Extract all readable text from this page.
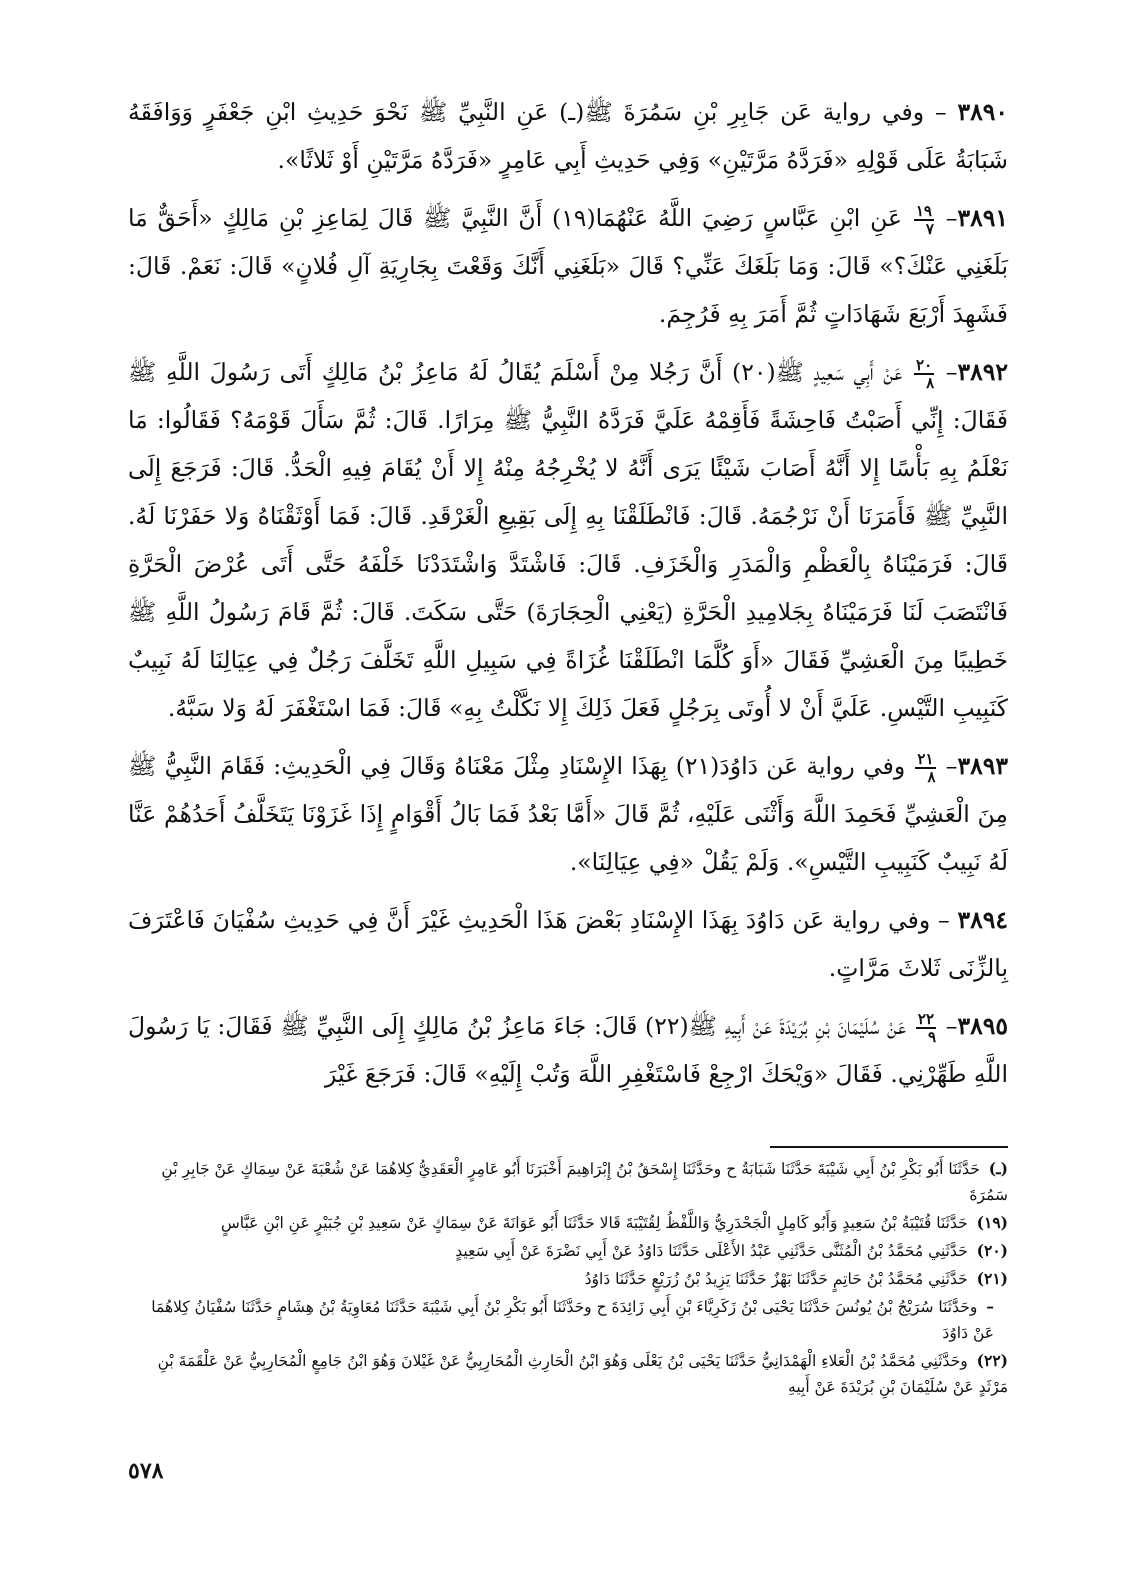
٣٨٩٠ – وفي رواية عَن جَابِرِ بْنِ سَمُرَةَ ﷺ(ـ) عَنِ النَّبِيِّ ﷺ نَحْوَ حَدِيثِ ابْنِ جَعْفَرٍ وَوَافَقَهُ شَبَابَةُ عَلَى قَوْلِهِ «فَرَدَّهُ مَرَّتَيْنِ» وَفِي حَدِيثِ أَبِي عَامِرٍ «فَرَدَّهُ مَرَّتَيْنِ أَوْ ثَلاثًا».

٣٨٩١–
$\frac{١٩}{٧}$
عَنِ ابْنِ عَبَّاسٍ رَضِيَ اللَّهُ عَنْهُمَا(١٩) أَنَّ النَّبِيَّ ﷺ قَالَ لِمَاعِزِ بْنِ مَالِكٍ «أَحَقٌّ مَا بَلَغَنِي عَنْكَ؟» قَالَ: وَمَا بَلَغَكَ عَنِّي؟ قَالَ «بَلَغَنِي أَنَّكَ وَقَعْتَ بِجَارِيَةِ آلِ فُلانٍ» قَالَ: نَعَمْ. قَالَ: فَشَهِدَ أَرْبَعَ شَهَادَاتٍ ثُمَّ أَمَرَ بِهِ فَرُجِمَ.

٣٨٩٢–
$\frac{٢٠}{٨}$
عَنْ أَبِي سَعِيدٍ ﷺ(٢٠) أَنَّ رَجُلا مِنْ أَسْلَمَ يُقَالُ لَهُ مَاعِزُ بْنُ مَالِكٍ أَتَى رَسُولَ اللَّهِ ﷺ فَقَالَ: إِنِّي أَصَبْتُ فَاحِشَةً فَأَقِمْهُ عَلَيَّ فَرَدَّهُ النَّبِيُّ ﷺ مِرَارًا. قَالَ: ثُمَّ سَأَلَ قَوْمَهُ؟ فَقَالُوا: مَا نَعْلَمُ بِهِ بَأْسًا إِلا أَنَّهُ أَصَابَ شَيْئًا يَرَى أَنَّهُ لا يُخْرِجُهُ مِنْهُ إِلا أَنْ يُقَامَ فِيهِ الْحَدُّ. قَالَ: فَرَجَعَ إِلَى النَّبِيِّ ﷺ فَأَمَرَنَا أَنْ نَرْجُمَهُ. قَالَ: فَانْطَلَقْنَا بِهِ إِلَى بَقِيعِ الْغَرْقَدِ. قَالَ: فَمَا أَوْثَقْنَاهُ وَلا حَفَرْنَا لَهُ. قَالَ: فَرَمَيْنَاهُ بِالْعَظْمِ وَالْمَدَرِ وَالْخَزَفِ. قَالَ: فَاشْتَدَّ وَاشْتَدَدْنَا خَلْفَهُ حَتَّى أَتَى عُرْضَ الْحَرَّةِ فَانْتَصَبَ لَنَا فَرَمَيْنَاهُ بِجَلامِيدِ الْحَرَّةِ (يَعْنِي الْحِجَارَةَ) حَتَّى سَكَتَ. قَالَ: ثُمَّ قَامَ رَسُولُ اللَّهِ ﷺ خَطِيبًا مِنَ الْعَشِيِّ فَقَالَ «أَوَ كُلَّمَا انْطَلَقْنَا غُزَاةً فِي سَبِيلِ اللَّهِ تَخَلَّفَ رَجُلٌ فِي عِيَالِنَا لَهُ نَبِيبٌ كَنَبِيبِ التَّيْسِ. عَلَيَّ أَنْ لا أُوتَى بِرَجُلٍ فَعَلَ ذَلِكَ إِلا نَكَّلْتُ بِهِ» قَالَ: فَمَا اسْتَغْفَرَ لَهُ وَلا سَبَّهُ.

٣٨٩٣–
$\frac{٢١}{٨}$
وفي رواية عَن دَاوُدَ(٢١) بِهَذَا الإِسْنَادِ مِثْلَ مَعْنَاهُ وَقَالَ فِي الْحَدِيثِ: فَقَامَ النَّبِيُّ ﷺ مِنَ الْعَشِيِّ فَحَمِدَ اللَّهَ وَأَثْنَى عَلَيْهِ، ثُمَّ قَالَ «أَمَّا بَعْدُ فَمَا بَالُ أَقْوَامٍ إِذَا غَزَوْنَا يَتَخَلَّفُ أَحَدُهُمْ عَنَّا لَهُ نَبِيبٌ كَنَبِيبِ التَّيْسِ». وَلَمْ يَقُلْ «فِي عِيَالِنَا».

٣٨٩٤ – وفي رواية عَن دَاوُدَ بِهَذَا الإِسْنَادِ بَعْضَ هَذَا الْحَدِيثِ غَيْرَ أَنَّ فِي حَدِيثِ سُفْيَانَ فَاعْتَرَفَ بِالزِّنَى ثَلاثَ مَرَّاتٍ.

٣٨٩٥–
$\frac{٢٢}{٩}$
عَنْ سُلَيْمَانَ بْنِ بُرَيْدَةَ عَنْ أَبِيهِ ﷺ(٢٢) قَالَ: جَاءَ مَاعِزُ بْنُ مَالِكٍ إِلَى النَّبِيِّ ﷺ فَقَالَ: يَا رَسُولَ اللَّهِ طَهِّرْنِي. فَقَالَ «وَيْحَكَ ارْجِعْ فَاسْتَغْفِرِ اللَّهَ وَتُبْ إِلَيْهِ» قَالَ: فَرَجَعَ غَيْرَ

(ـ) حَدَّثَنَا أَبُو بَكْرِ بْنُ أَبِي شَيْبَةَ حَدَّثَنَا شَبَابَةُ ح وحَدَّثَنَا إِسْحَقُ بْنُ إِبْرَاهِيمَ أَخْبَرَنَا أَبُو عَامِرٍ الْعَقَدِيُّ كِلاهُمَا عَنْ شُعْبَةَ عَنْ سِمَاكٍ عَنْ جَابِرِ بْنِ سَمُرَةَ

(١٩) حَدَّثَنَا قُتَيْبَةُ بْنُ سَعِيدٍ وَأَبُو كَامِلٍ الْجَحْدَرِيُّ وَاللَّفْظُ لِقُتَيْبَةَ قَالا حَدَّثَنَا أَبُو عَوَانَةَ عَنْ سِمَاكٍ عَنْ سَعِيدِ بْنِ جُبَيْرٍ عَنِ ابْنِ عَبَّاسٍ

(٢٠) حَدَّثَنِي مُحَمَّدُ بْنُ الْمُثَنَّى حَدَّثَنِي عَبْدُ الأَعْلَى حَدَّثَنَا دَاوُدُ عَنْ أَبِي نَضْرَةَ عَنْ أَبِي سَعِيدٍ

(٢١) حَدَّثَنِي مُحَمَّدُ بْنُ حَاتِمٍ حَدَّثَنَا بَهْزٌ حَدَّثَنَا يَزِيدُ بْنُ زُرَيْعٍ حَدَّثَنَا دَاوُدُ

– وحَدَّثَنَا سُرَيْجُ بْنُ يُونُسَ حَدَّثَنَا يَحْيَى بْنُ زَكَرِيَّاءَ بْنِ أَبِي زَائِدَةَ ح وحَدَّثَنَا أَبُو بَكْرِ بْنُ أَبِي شَيْبَةَ حَدَّثَنَا مُعَاوِيَةُ بْنُ هِشَامٍ حَدَّثَنَا سُفْيَانُ كِلاهُمَا عَنْ دَاوُدَ

(٢٢) وحَدَّثَنِي مُحَمَّدُ بْنُ الْعَلاءِ الْهَمْدَانِيُّ حَدَّثَنَا يَحْيَى بْنُ يَعْلَى وَهُوَ ابْنُ الْحَارِثِ الْمُحَارِبِيُّ عَنْ غَيْلانَ وَهُوَ ابْنُ جَامِعٍ الْمُحَارِبِيُّ عَنْ عَلْقَمَةَ بْنِ مَرْثَدٍ عَنْ سُلَيْمَانَ بْنِ بُرَيْدَةَ عَنْ أَبِيهِ

٥٧٨
